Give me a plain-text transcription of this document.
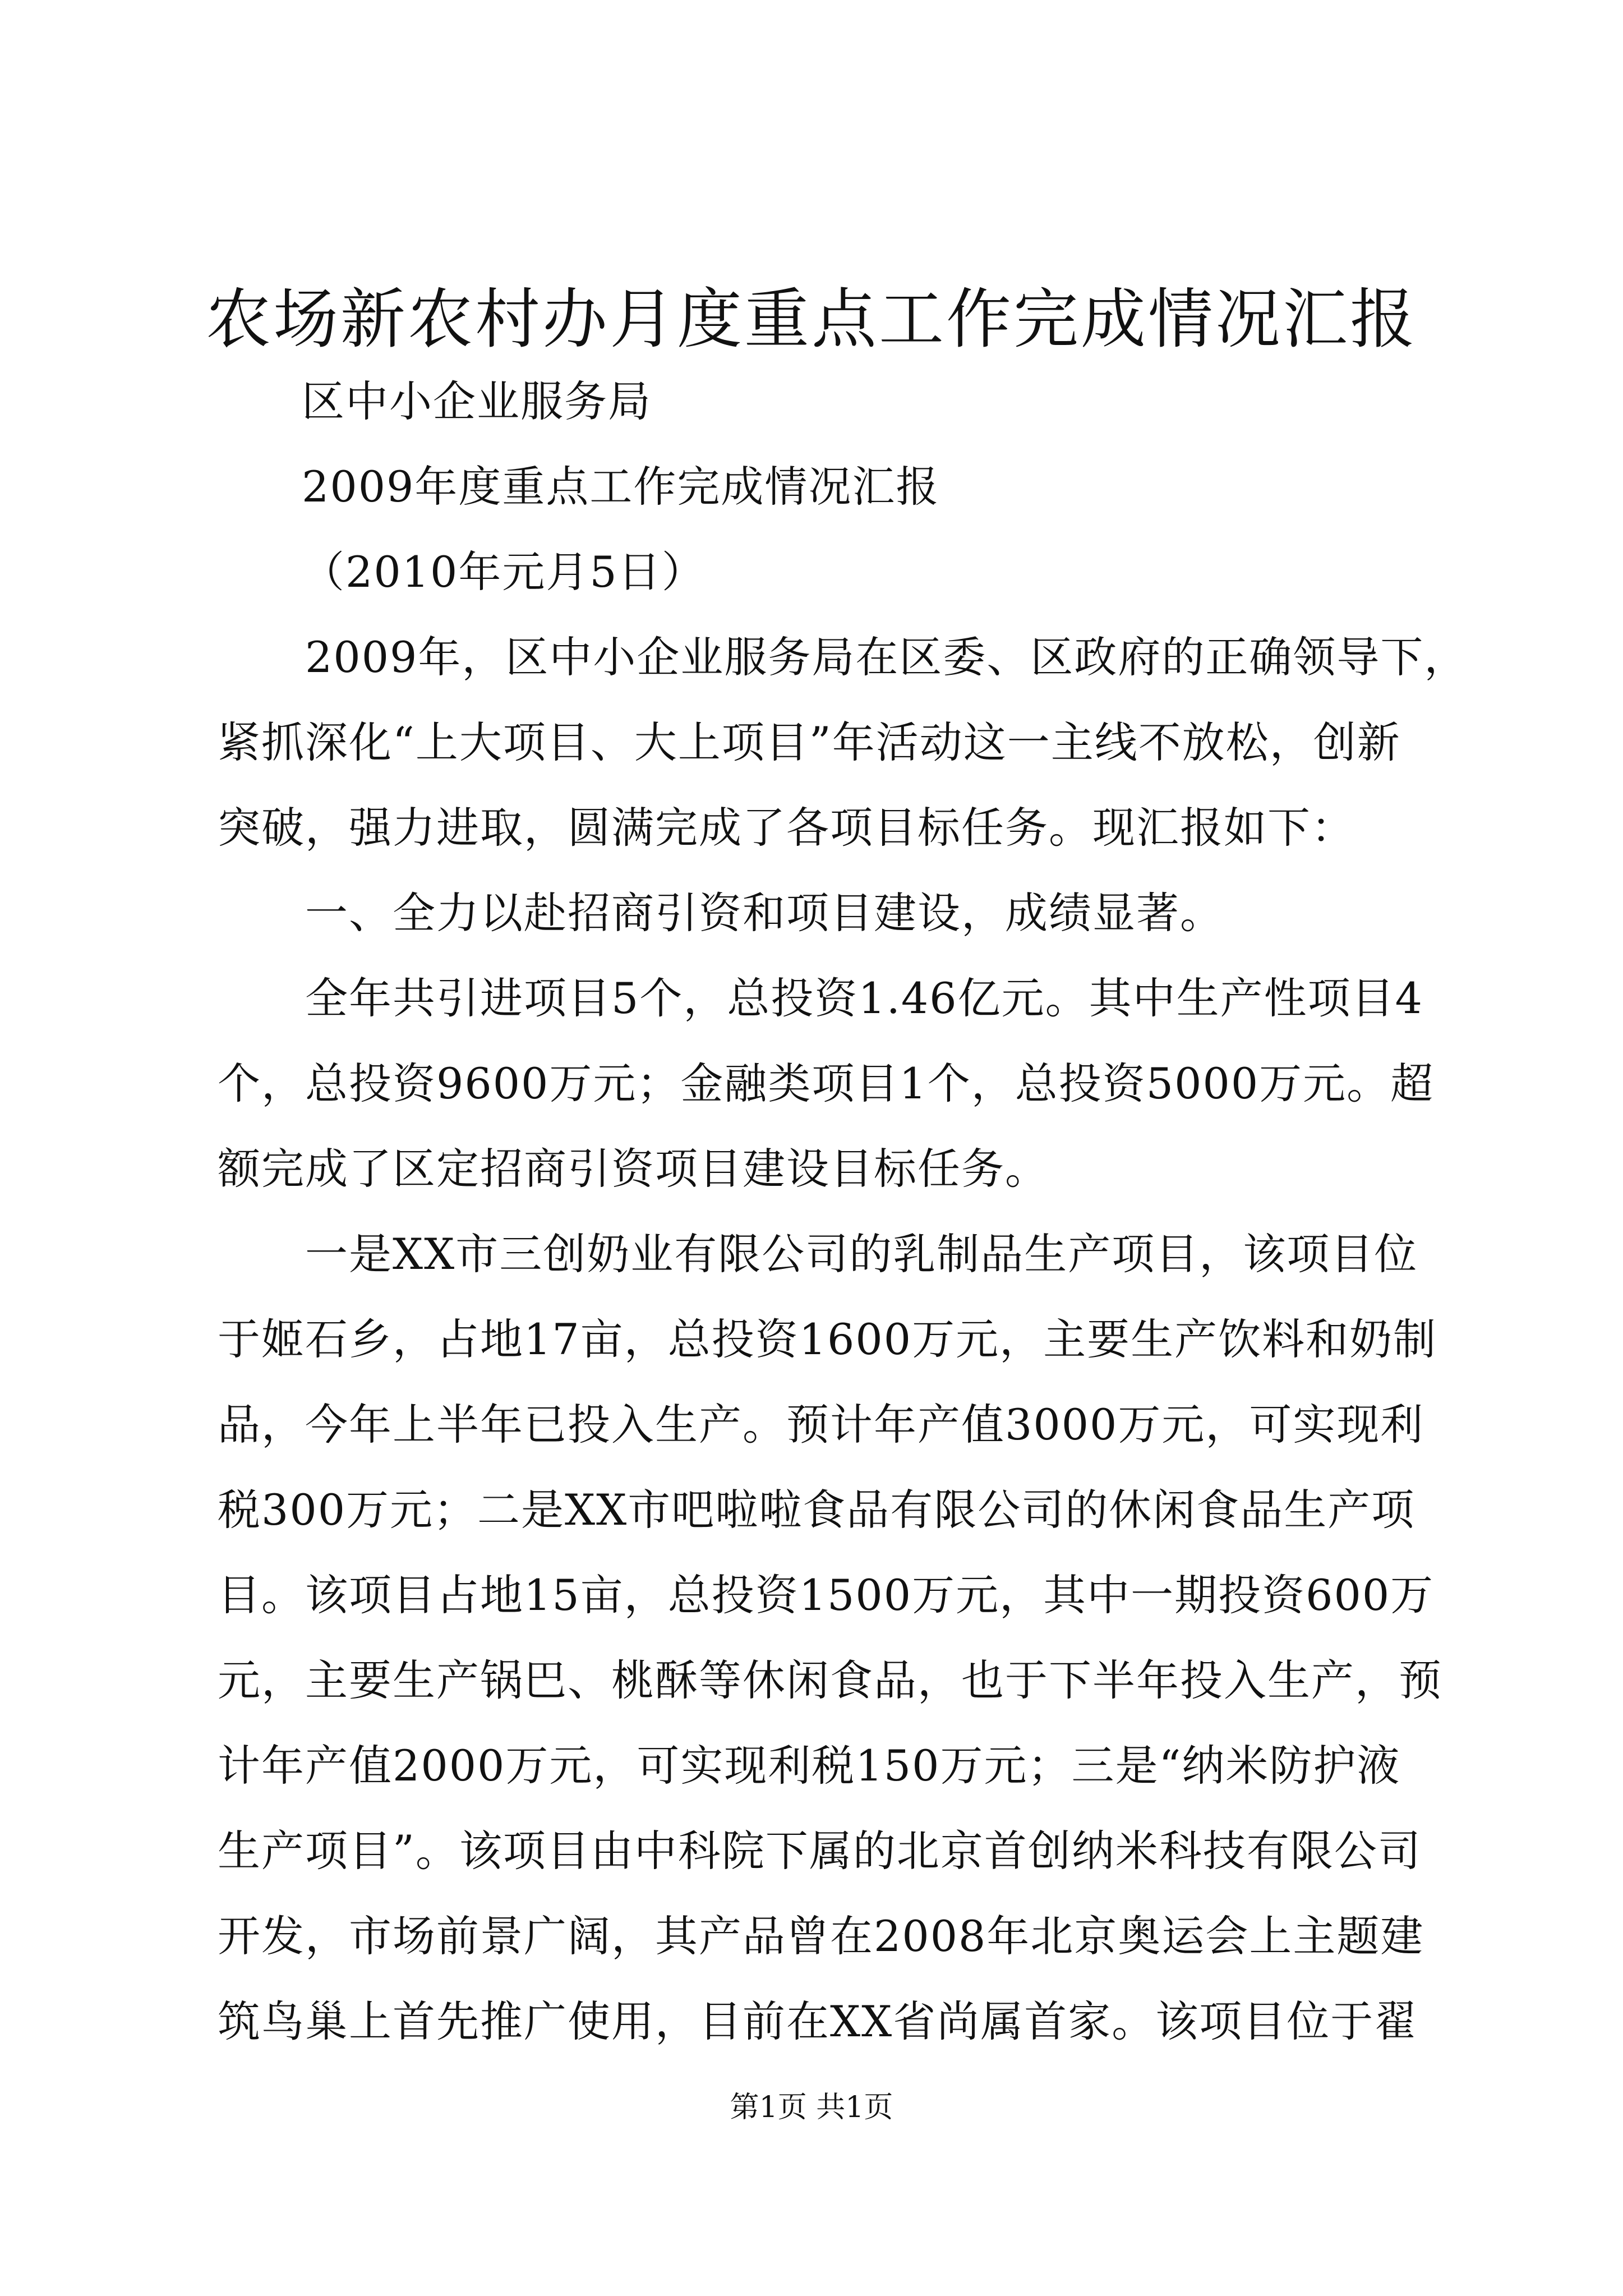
农场新农村办月度重点工作完成情况汇报
区中小企业服务局
2009年度重点工作完成情况汇报
（2010年元月5日）
2009年，区中小企业服务局在区委、区政府的正确领导下，
紧抓深化“上大项目、大上项目”年活动这一主线不放松，创新
突破，强力进取，圆满完成了各项目标任务。现汇报如下：
一、全力以赴招商引资和项目建设，成绩显著。
全年共引进项目5个，总投资1.46亿元。其中生产性项目4
个，总投资9600万元；金融类项目1个，总投资5000万元。超
额完成了区定招商引资项目建设目标任务。
一是XX市三创奶业有限公司的乳制品生产项目，该项目位
于姬石乡，占地17亩，总投资1600万元，主要生产饮料和奶制
品，今年上半年已投入生产。预计年产值3000万元，可实现利
税300万元；二是XX市吧啦啦食品有限公司的休闲食品生产项
目。该项目占地15亩，总投资1500万元，其中一期投资600万
元，主要生产锅巴、桃酥等休闲食品，也于下半年投入生产，预
计年产值2000万元，可实现利税150万元；三是“纳米防护液
生产项目”。该项目由中科院下属的北京首创纳米科技有限公司
开发，市场前景广阔，其产品曾在2008年北京奥运会上主题建
筑鸟巢上首先推广使用，目前在XX省尚属首家。该项目位于翟
第1页 共1页
